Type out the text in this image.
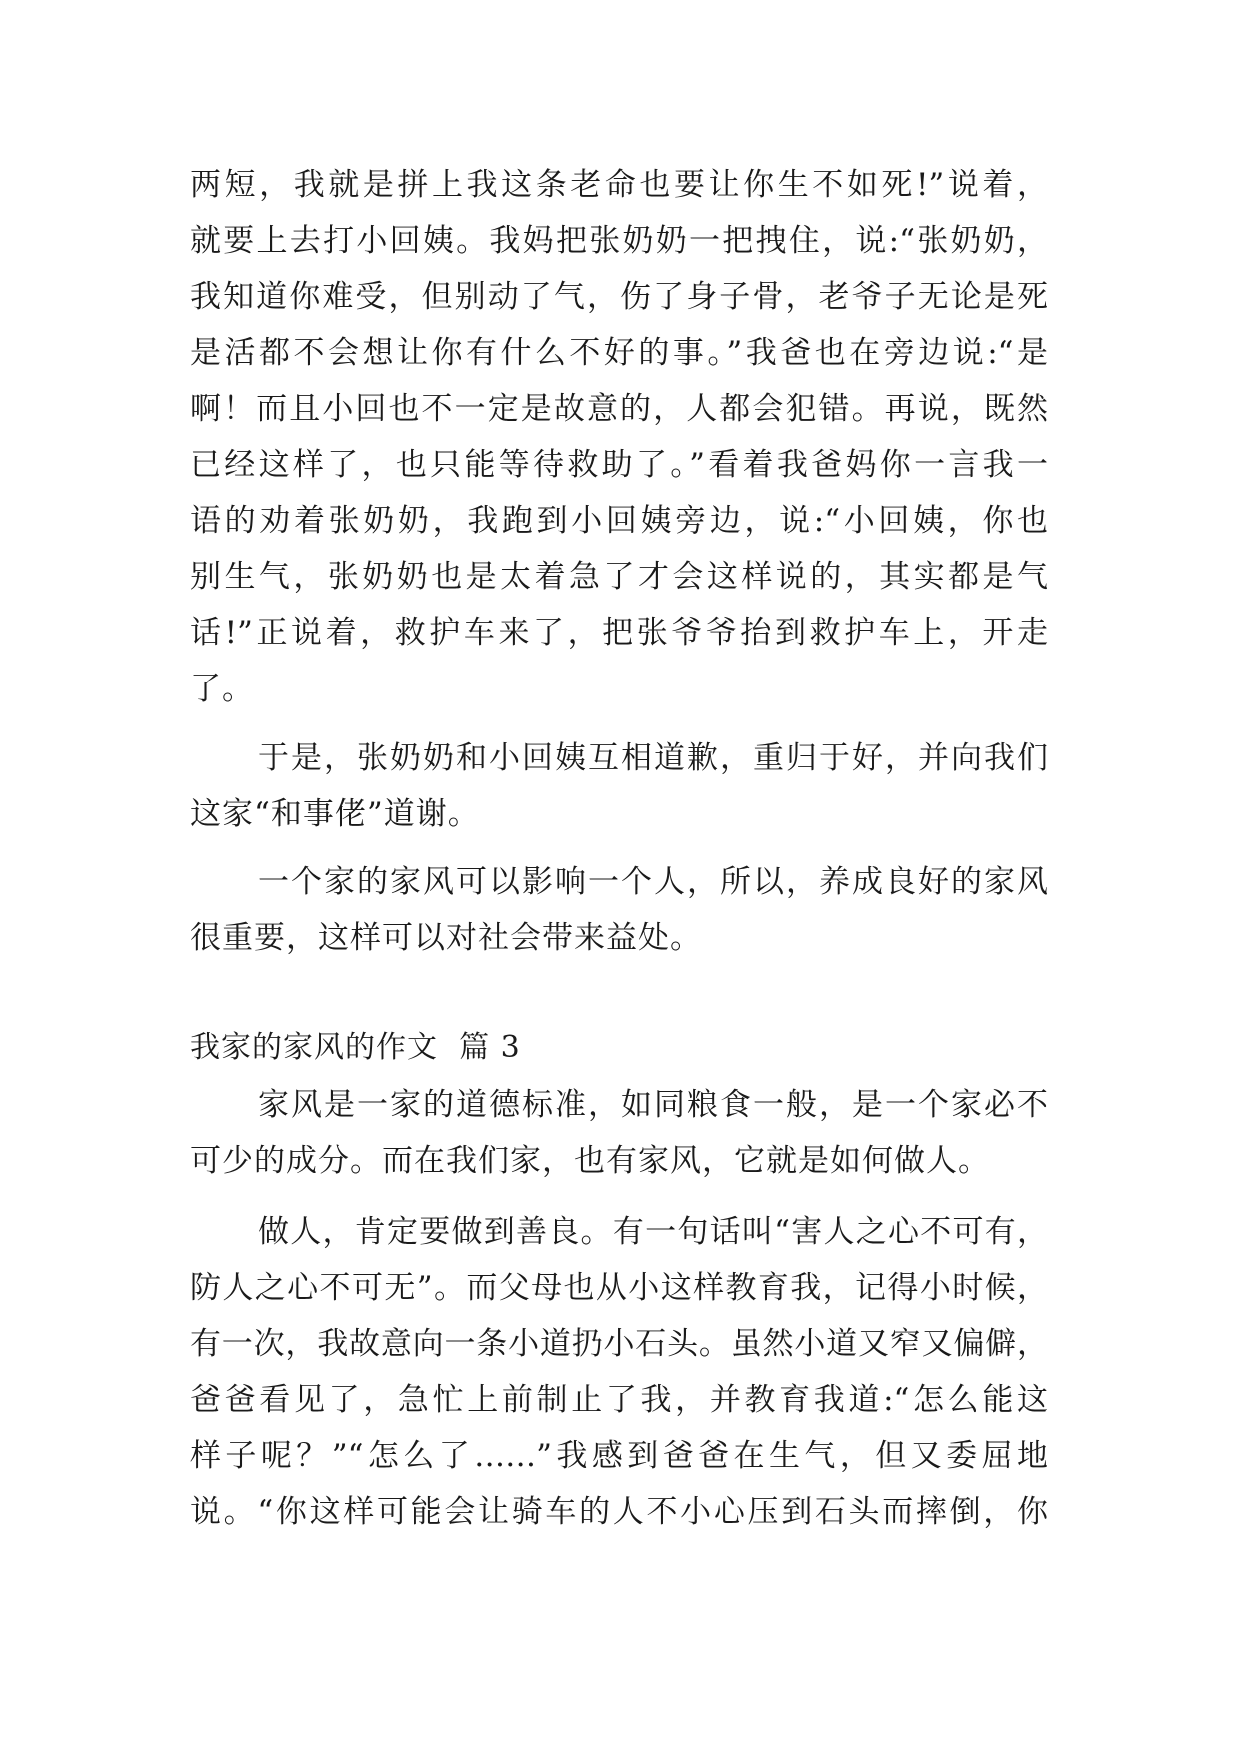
两短，我就是拼上我这条老命也要让你生不如死!”说着，
就要上去打小回姨。我妈把张奶奶一把拽住，说:“张奶奶，
我知道你难受，但别动了气，伤了身子骨，老爷子无论是死
是活都不会想让你有什么不好的事。”我爸也在旁边说:“是
啊！而且小回也不一定是故意的，人都会犯错。再说，既然
已经这样了，也只能等待救助了。”看着我爸妈你一言我一
语的劝着张奶奶，我跑到小回姨旁边，说:“小回姨，你也
别生气，张奶奶也是太着急了才会这样说的，其实都是气
话!”正说着，救护车来了，把张爷爷抬到救护车上，开走
了。
于是，张奶奶和小回姨互相道歉，重归于好，并向我们
这家“和事佬”道谢。
一个家的家风可以影响一个人，所以，养成良好的家风
很重要，这样可以对社会带来益处。
我家的家风的作文  篇 3
家风是一家的道德标准，如同粮食一般，是一个家必不
可少的成分。而在我们家，也有家风，它就是如何做人。
做人，肯定要做到善良。有一句话叫“害人之心不可有，
防人之心不可无”。而父母也从小这样教育我，记得小时候，
有一次，我故意向一条小道扔小石头。虽然小道又窄又偏僻，
爸爸看见了，急忙上前制止了我，并教育我道:“怎么能这
样子呢？”“怎么了……”我感到爸爸在生气，但又委屈地
说。“你这样可能会让骑车的人不小心压到石头而摔倒，你
